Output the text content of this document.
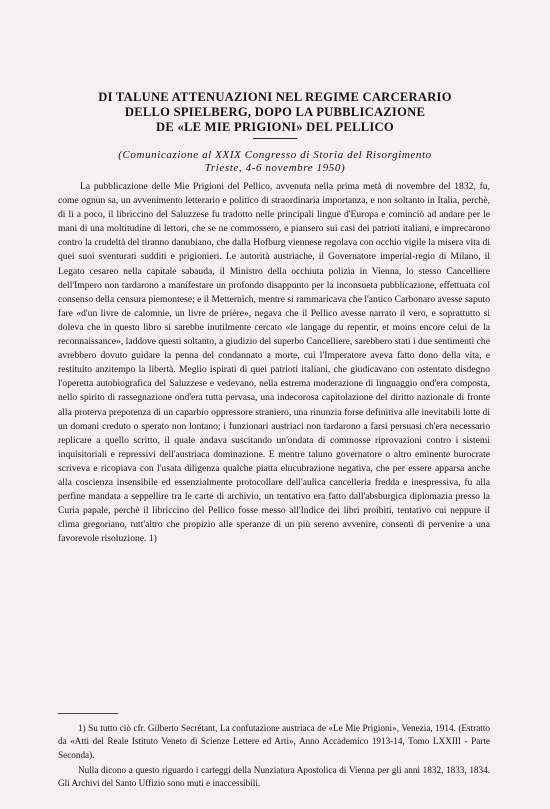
DI TALUNE ATTENUAZIONI NEL REGIME CARCERARIO
DELLO SPIELBERG, DOPO LA PUBBLICAZIONE
DE «LE MIE PRIGIONI» DEL PELLICO
(Comunicazione al XXIX Congresso di Storia del Risorgimento
Trieste, 4-6 novembre 1950)

La pubblicazione delle Mie Prigioni del Pellico, avvenuta nella prima metà di novembre del 1832, fu, come ognun sa, un avvenimento letterario e politico di straordinaria importanza, e non soltanto in Italia, perchè, di lì a poco, il libriccino del Saluzzese fu tradotto nelle principali lingue d'Europa e cominciò ad andare per le mani di una moltitudine di lettori, che se ne commossero, e piansero sui casi dei patrioti italiani, e imprecarono contro la crudeltà del tiranno danubiano, che dalla Hofburg viennese regolava con occhio vigile la misera vita di quei suoi sventurati sudditi e prigionieri. Le autorità austriache, il Governatore imperial-regio di Milano, il Legato cesareo nella capitale sabauda, il Ministro della occhiuta polizia in Vienna, lo stesso Cancelliere dell'Impero non tardarono a manifestare un profondo disappunto per la inconsueta pubblicazione, effettuata col consenso della censura piemontese; e il Metternich, mentre si rammaricava che l'antico Carbonaro avesse saputo fare «d'un livre de calomnie, un livre de prière», negava che il Pellico avesse narrato il vero, e soprattutto si doleva che in questo libro si sarebbe inutilmente cercato «le langage du repentir, et moins encore celui de la reconnaissance», laddove questi soltanto, a giudizio del superbo Cancelliere, sarebbero stati i due sentimenti che avrebbero dovuto guidare la penna del condannato a morte, cui l'Imperatore aveva fatto dono della vita, e restituito anzitempo la libertà. Meglio ispirati di quei patrioti italiani, che giudicavano con ostentato disdegno l'operetta autobiografica del Saluzzese e vedevano, nella estrema moderazione di linguaggio ond'era composta, nello spirito di rassegnazione ond'era tutta pervasa, una indecorosa capitolazione del diritto nazionale di fronte alla proterva prepotenza di un caparbio oppressore straniero, una rinunzia forse definitiva alle inevitabili lotte di un domani creduto o sperato non lontano; i funzionari austriaci non tardarono a farsi persuasi ch'era necessario replicare a quello scritto, il quale andava suscitando un'ondata di commosse riprovazioni contro i sistemi inquisitoriali e repressivi dell'austriaca dominazione. E mentre taluno governatore o altro eminente burocrate scriveva e ricopiava con l'usata diligenza qualche piatta elucubrazione negativa, che per essere apparsa anche alla coscienza insensibile ed essenzialmente protocollare dell'aulica cancelleria fredda e inespressiva, fu alla perfine mandata a seppellire tra le carte di archivio, un tentativo era fatto dall'absburgica diplomazia presso la Curia papale, perchè il libriccino del Pellico fosse messo all'Indice dei libri proibiti, tentativo cui neppure il clima gregoriano, tutt'altro che propizio alle speranze di un più sereno avvenire, consentì di pervenire a una favorevole risoluzione. 1)

1) Su tutto ciò cfr. Gilberto Secrétant, La confutazione austriaca de «Le Mie Prigioni», Venezia, 1914. (Estratto da «Atti del Reale Istituto Veneto di Scienze Lettere ed Arti», Anno Accademico 1913-14, Tomo LXXIII - Parte Seconda).

Nulla dicono a questo riguardo i carteggi della Nunziatura Apostolica di Vienna per gli anni 1832, 1833, 1834. Gli Archivi del Santo Uffizio sono muti e inaccessibili.
